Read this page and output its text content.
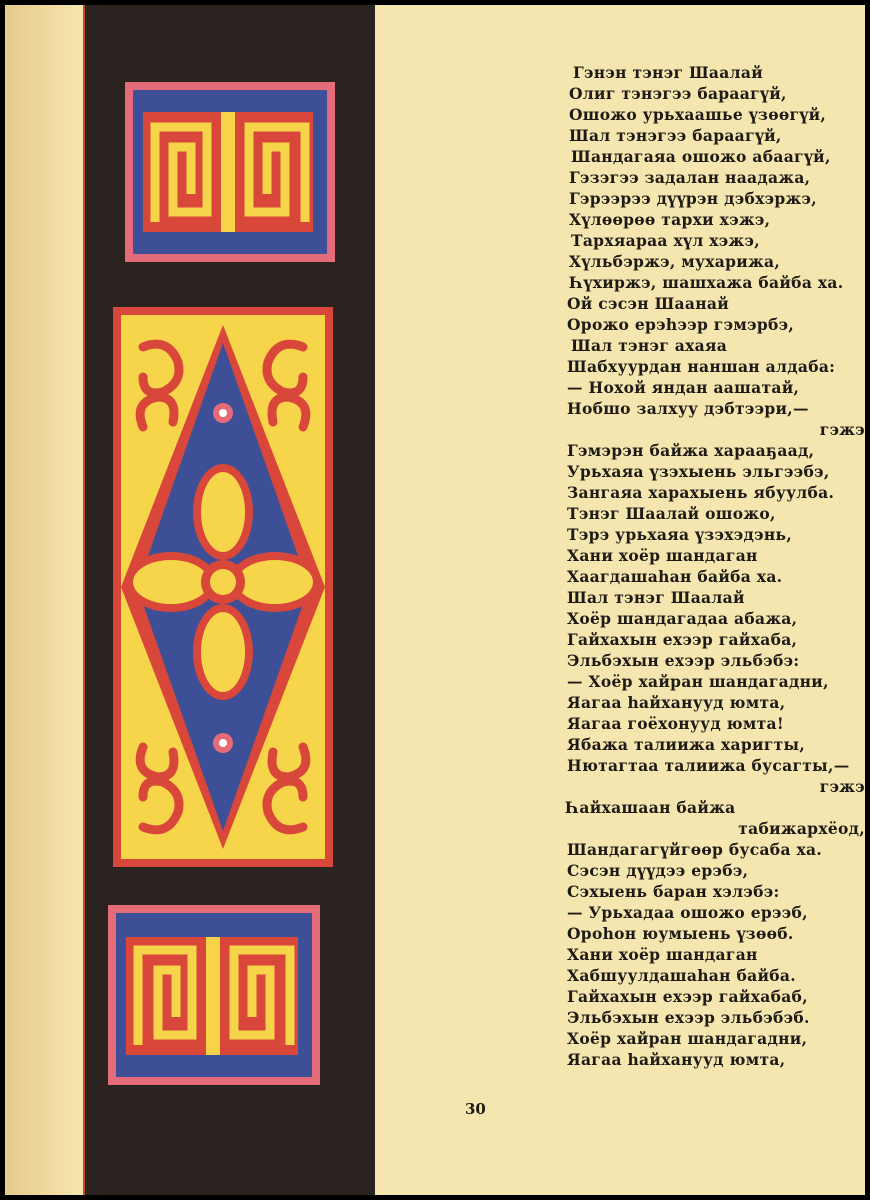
Гэнэн тэнэг Шаалай
Олиг тэнэгээ бараагүй,
Ошожо урьхаашье үзөөгүй,
Шал тэнэгээ бараагүй,
Шандагаяа ошожо абаагүй,
Гэзэгээ задалан наадажа,
Гэрээрээ дүүрэн дэбхэржэ,
Хүлөөрөө тархи хэжэ,
Тархяараа хүл хэжэ,
Хүльбэржэ, мухарижа,
Һүхиржэ, шашхажа байба ха.
Ой сэсэн Шаанай
Орожо ерэһээр гэмэрбэ,
Шал тэнэг ахаяа
Шабхуурдан наншан алдаба:
— Нохой яндан аашатай,
Нобшо залхуу дэбтээри,—
гэжэ
Гэмэрэн байжа харааҕаад,
Урьхаяа үзэхыень эльгээбэ,
Зангаяа харахыень ябуулба.
Тэнэг Шаалай ошожо,
Тэрэ урьхаяа үзэхэдэнь,
Хани хоёр шандаган
Хаагдашаһан байба ха.
Шал тэнэг Шаалай
Хоёр шандагадаа абажа,
Гайхахын ехээр гайхаба,
Эльбэхын ехээр эльбэбэ:
— Хоёр хайран шандагадни,
Яагаа һайханууд юмта,
Яагаа гоёхонууд юмта!
Ябажа талиижа харигты,
Нютагтаа талиижа бусагты,—
гэжэ
Һайхашаан байжа
табижархёод,
Шандагагүйгөөр бусаба ха.
Сэсэн дүүдээ ерэбэ,
Сэхыень баран хэлэбэ:
— Урьхадаа ошожо ерээб,
Ороһон юумыень үзөөб.
Хани хоёр шандаган
Хабшуулдашаһан байба.
Гайхахын ехээр гайхабаб,
Эльбэхын ехээр эльбэбэб.
Хоёр хайран шандагадни,
Яагаа һайханууд юмта,
30
